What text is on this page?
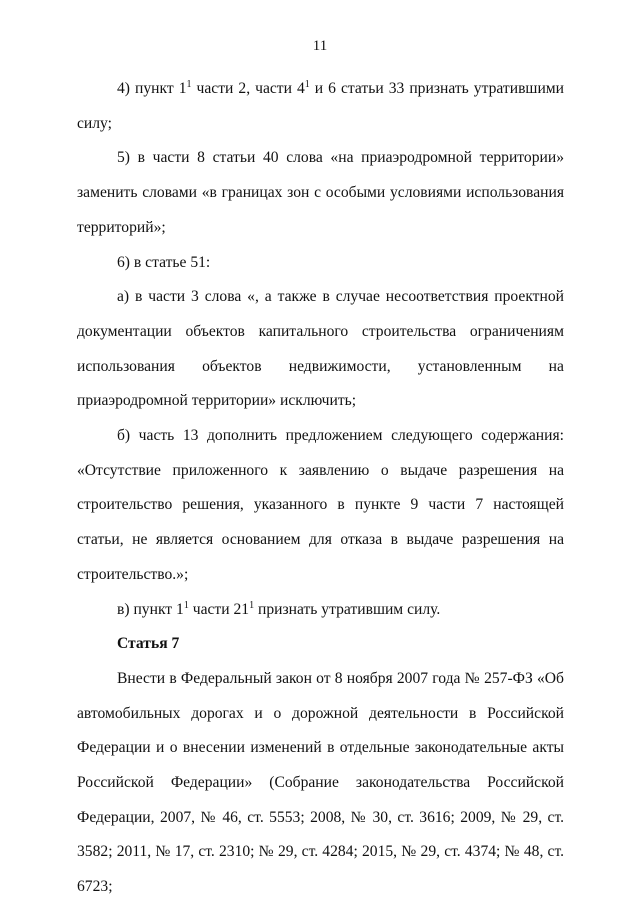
11

4) пункт $1^1$ части 2, части $4^1$ и 6 статьи 33 признать утратившими силу;

5) в части 8 статьи 40 слова «на приаэродромной территории» заменить словами «в границах зон с особыми условиями использования территорий»;

6) в статье 51:

а) в части 3 слова «, а также в случае несоответствия проектной

документации объектов капитального строительства ограничениям
использования объектов недвижимости, установленным на

приаэродромной территории» исключить;

б) часть 13 дополнить предложением следующего содержания: «Отсутствие приложенного к заявлению о выдаче разрешения на строительство решения, указанного в пункте 9 части 7 настоящей статьи, не является основанием для отказа в выдаче разрешения на строительство.»;

в) пункт $1^1$ части $21^1$ признать утратившим силу.

Статья 7

Внести в Федеральный закон от 8 ноября 2007 года № 257-ФЗ «Об автомобильных дорогах и о дорожной деятельности в Российской Федерации и о внесении изменений в отдельные законодательные акты Российской Федерации» (Собрание законодательства Российской Федерации, 2007, № 46, ст. 5553; 2008, № 30, ст. 3616; 2009, № 29, ст. 3582; 2011, № 17, ст. 2310; № 29, ст. 4284; 2015, № 29, ст. 4374; № 48, ст. 6723;
